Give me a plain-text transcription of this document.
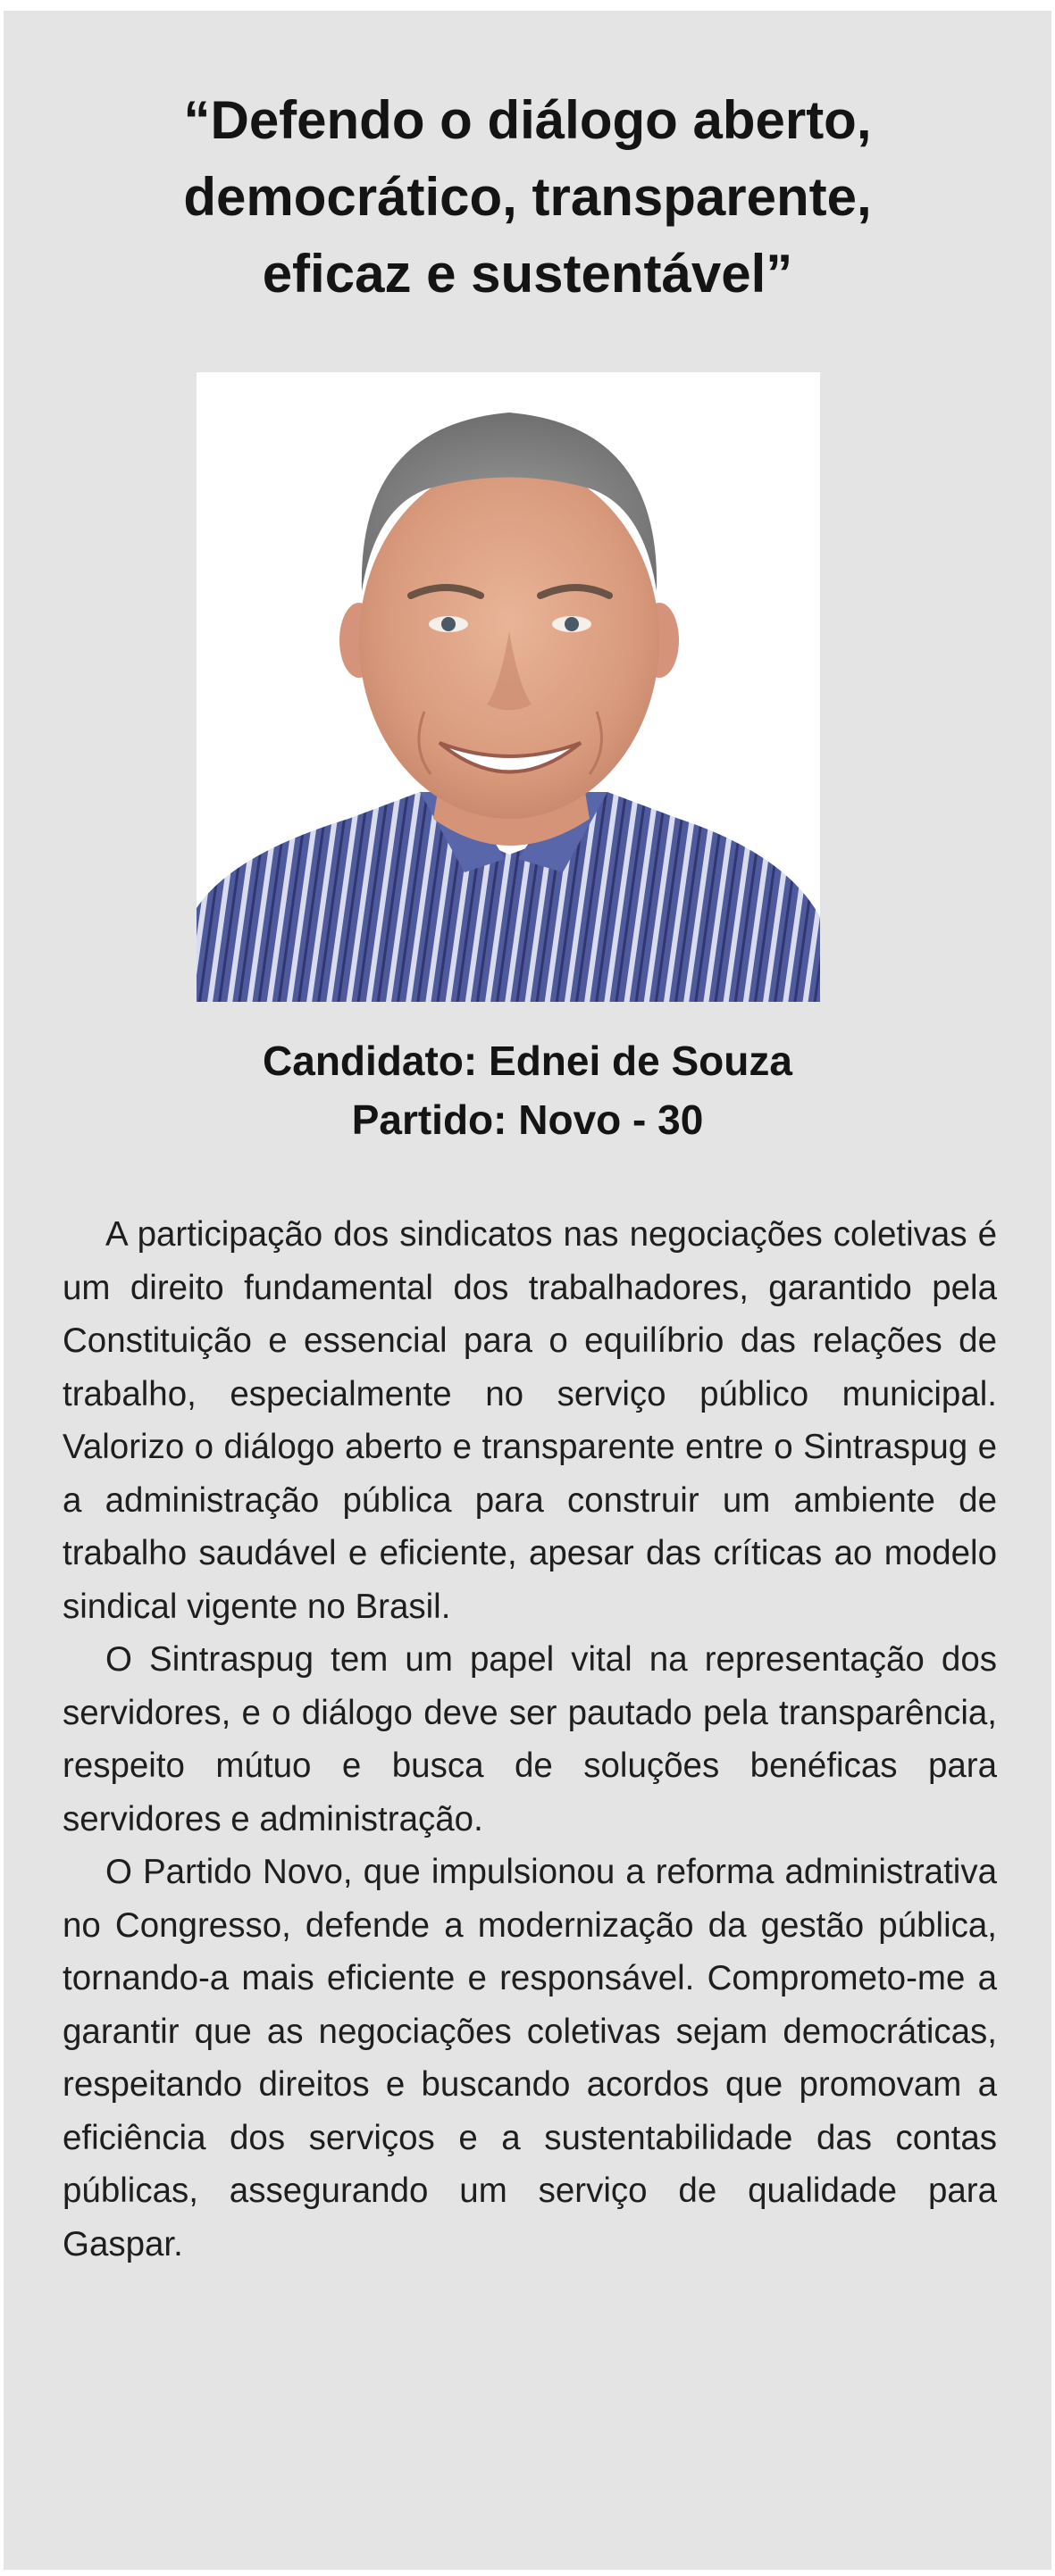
“Defendo o diálogo aberto,
democrático, transparente,
eficaz e sustentável”
Candidato: Ednei de Souza
Partido: Novo - 30

A participação dos sindicatos nas negociações coletivas é um direito fundamental dos trabalhadores, garantido pela Constituição e essencial para o equilíbrio das relações de trabalho, especialmente no serviço público municipal. Valorizo o diálogo aberto e transparente entre o Sintraspug e a administração pública para construir um ambiente de trabalho saudável e eficiente, apesar das críticas ao modelo sindical vigente no Brasil.

O Sintraspug tem um papel vital na representação dos servidores, e o diálogo deve ser pautado pela transparência, respeito mútuo e busca de soluções benéficas para servidores e administração.

O Partido Novo, que impulsionou a reforma administrativa no Congresso, defende a modernização da gestão pública, tornando-a mais eficiente e responsável. Comprometo-me a garantir que as negociações coletivas sejam democráticas, respeitando direitos e buscando acordos que promovam a eficiência dos serviços e a sustentabilidade das contas públicas, assegurando um serviço de qualidade para Gaspar.
